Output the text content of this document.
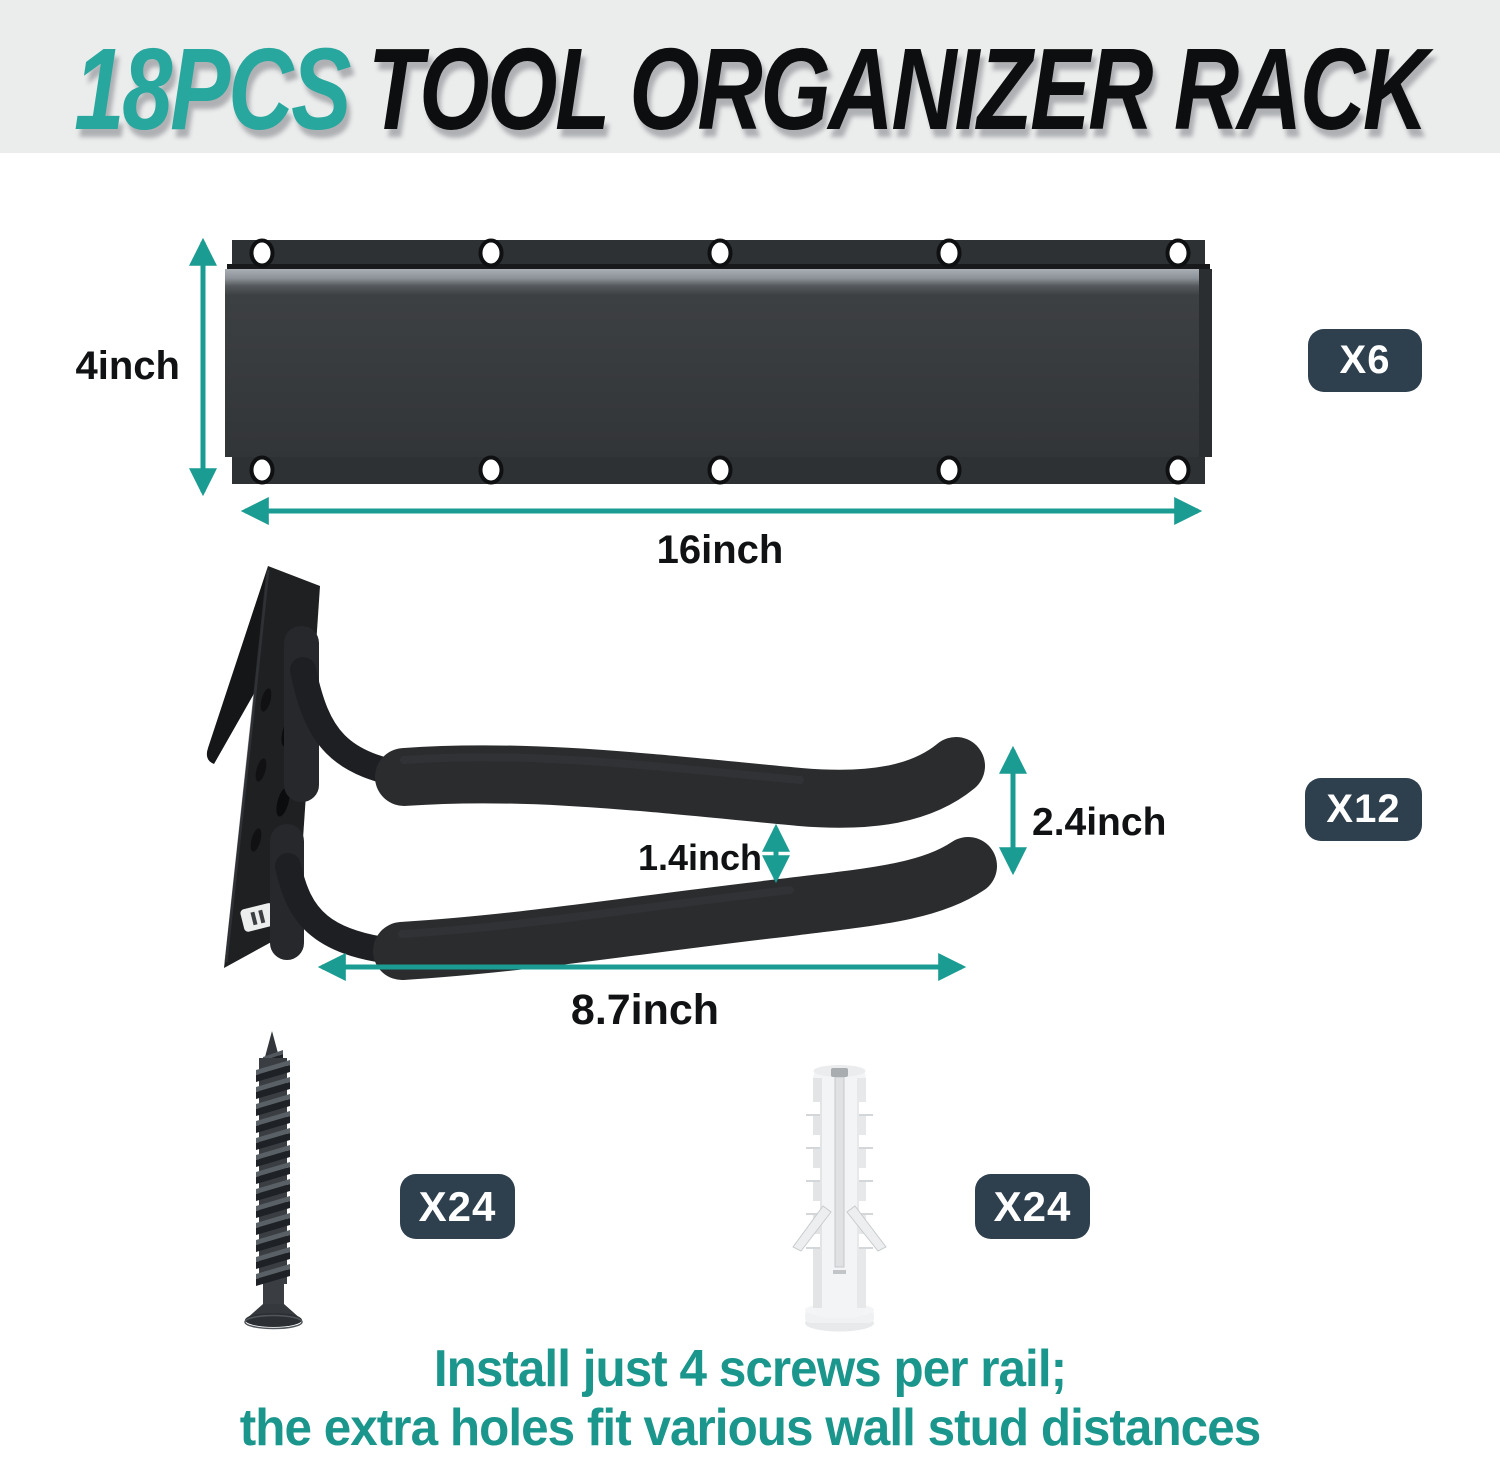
18PCS TOOL ORGANIZER RACK
4inch
16inch
1.4inch
2.4inch
8.7inch
X6
X12
X24	X24
Install just 4 screws per rail;
the extra holes fit various wall stud distances
